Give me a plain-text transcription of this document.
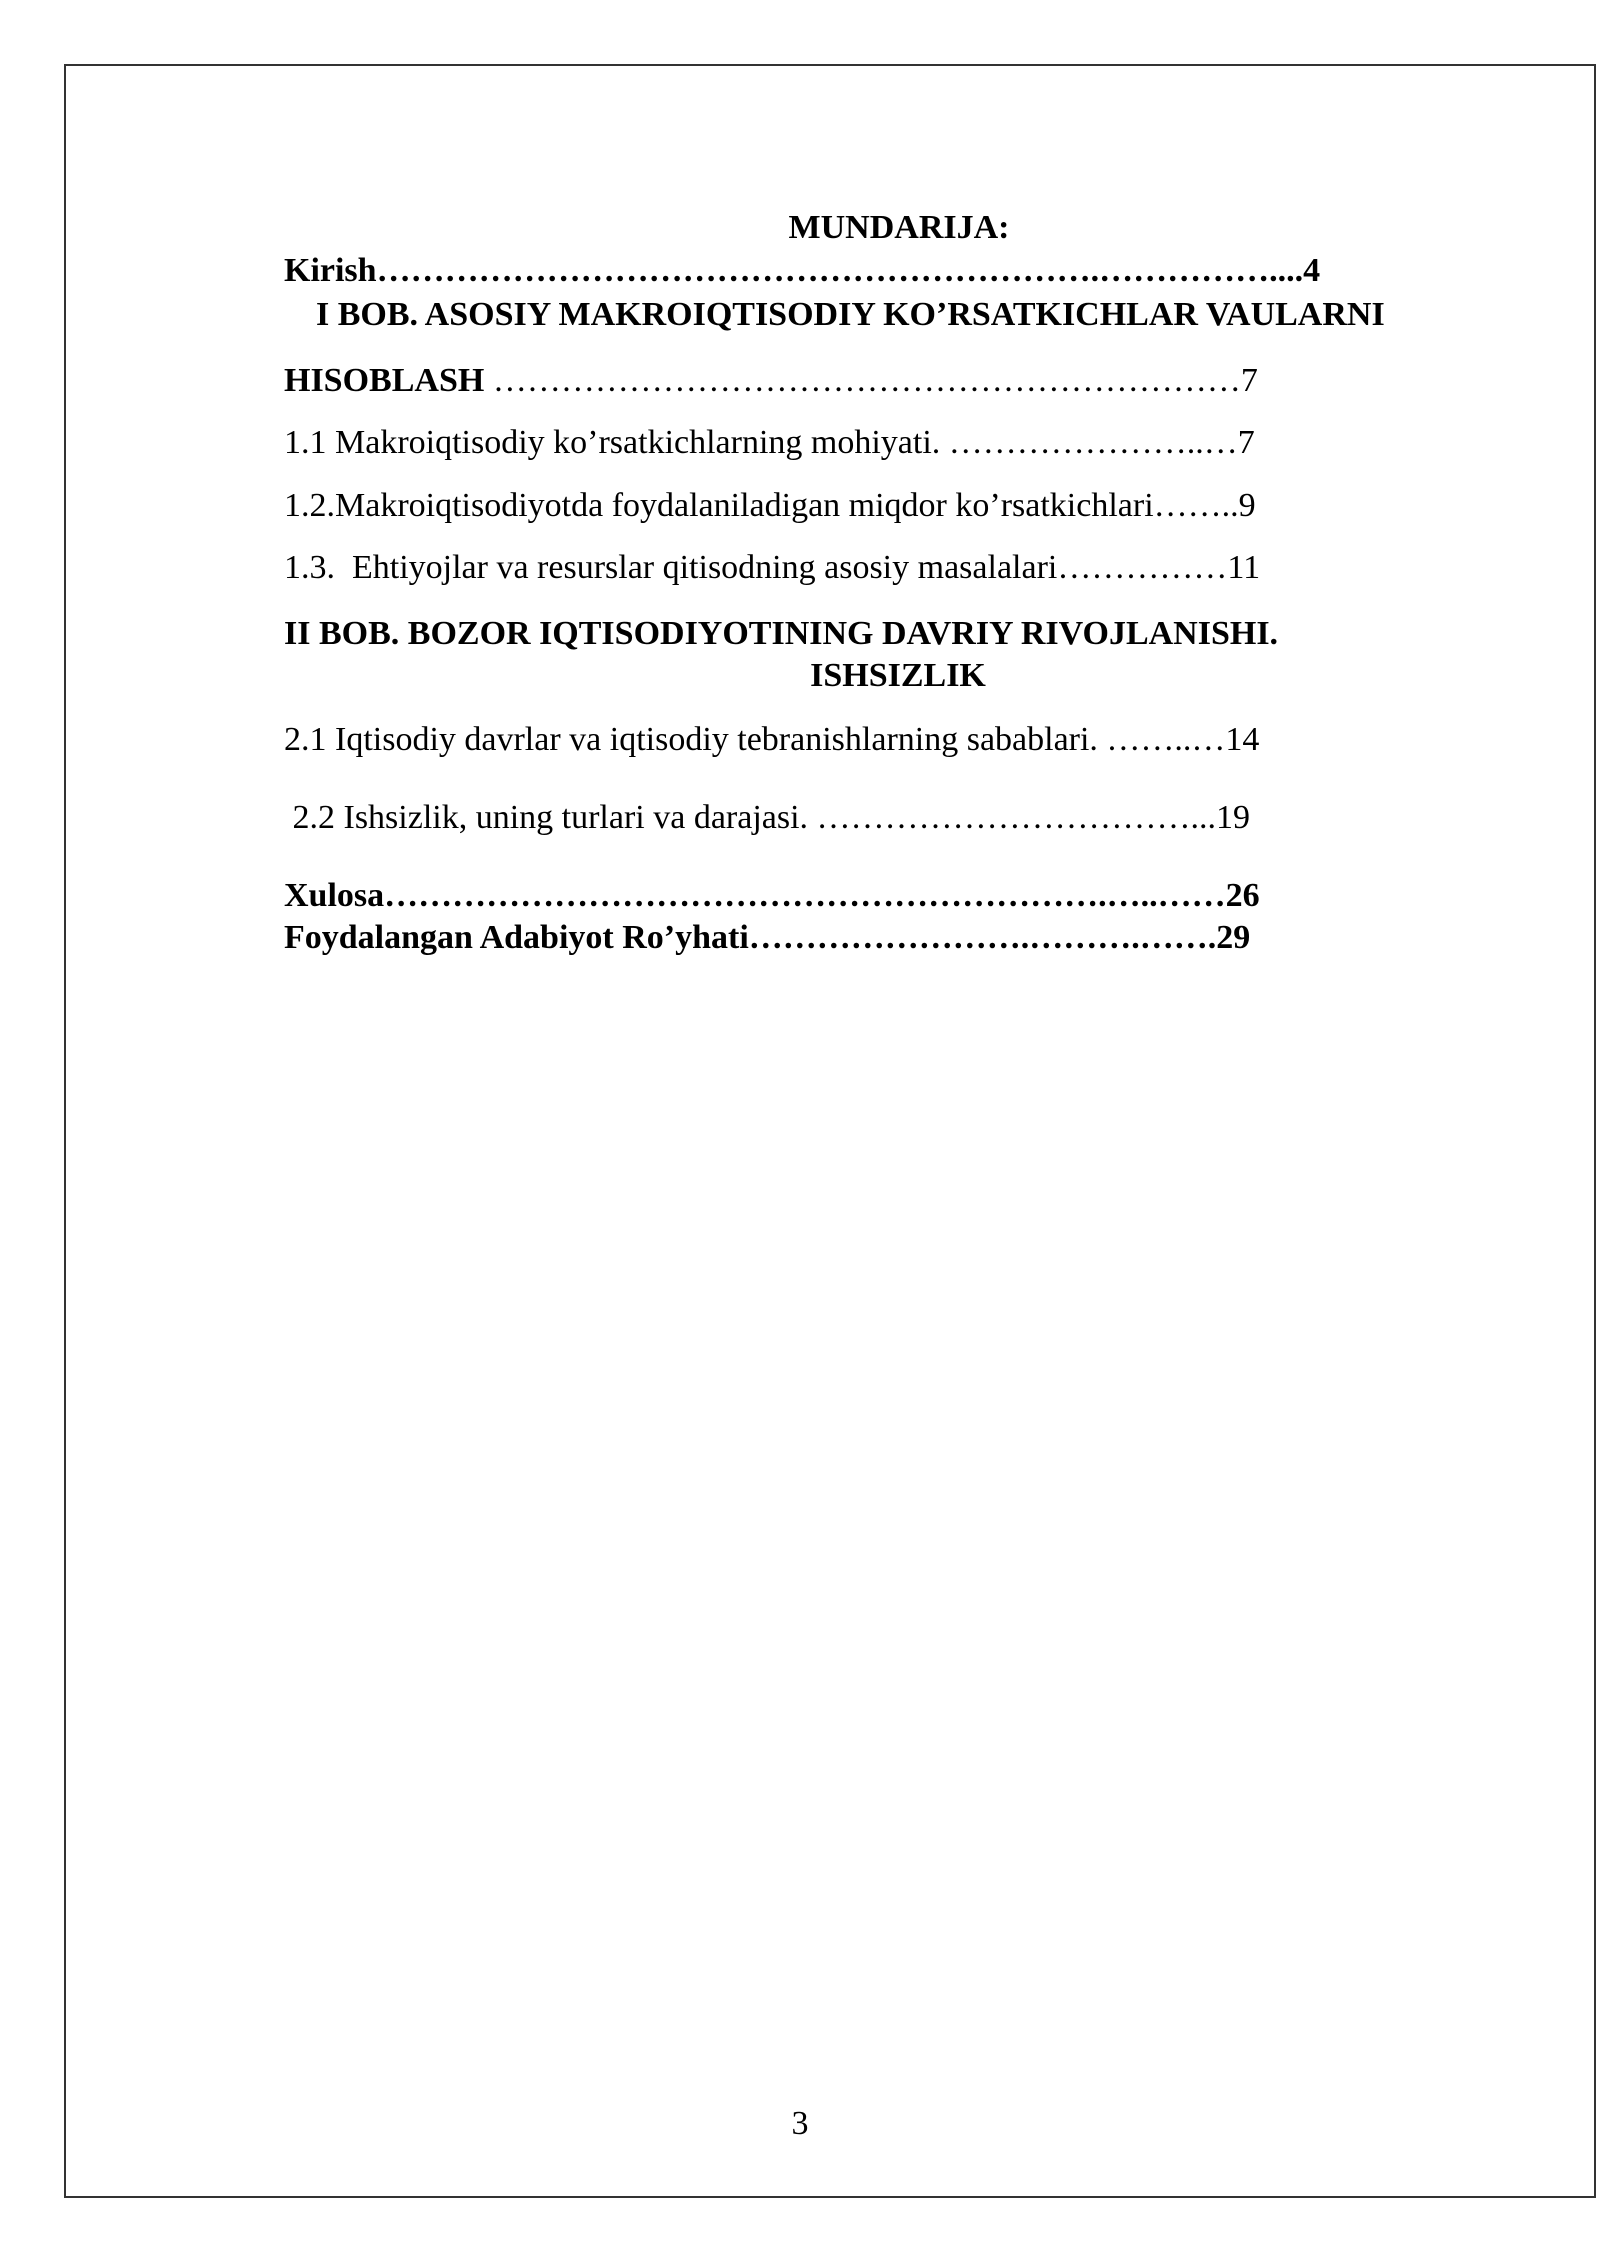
MUNDARIJA:
Kirish……………………………………………………….……………....4
I BOB. ASOSIY MAKROIQTISODIY KO’RSATKICHLAR VAULARNI
HISOBLASH …………………………………………………………7
1.1 Makroiqtisodiy ko’rsatkichlarning mohiyati. …………………..…7
1.2.Makroiqtisodiyotda foydalaniladigan miqdor ko’rsatkichlari……..9
1.3.  Ehtiyojlar va resurslar qitisodning asosiy masalalari……………11
II BOB. BOZOR IQTISODIYOTINING DAVRIY RIVOJLANISHI.
ISHSIZLIK
2.1 Iqtisodiy davrlar va iqtisodiy tebranishlarning sabablari. ……..…14
2.2 Ishsizlik, uning turlari va darajasi. ……………………………...19
Xulosa……………………………………………………….…..……26
Foydalangan Adabiyot Ro’yhati…………………….……….…….29
3
